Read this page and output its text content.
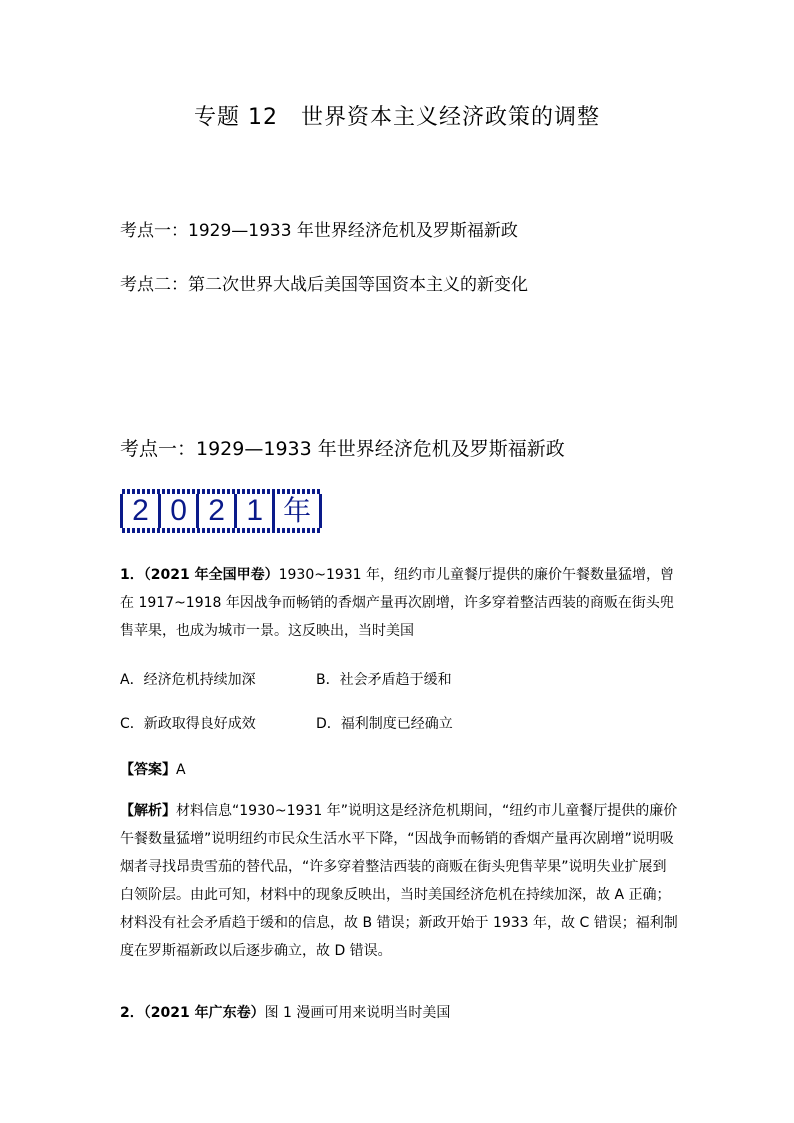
专题 12　世界资本主义经济政策的调整
考点一：1929—1933 年世界经济危机及罗斯福新政
考点二：第二次世界大战后美国等国资本主义的新变化
考点一：1929—1933 年世界经济危机及罗斯福新政
2 0 2 1 年
1．（2021 年全国甲卷）1930~1931 年，纽约市儿童餐厅提供的廉价午餐数量猛增，曾在 1917~1918 年因战争而畅销的香烟产量再次剧增，许多穿着整洁西装的商贩在街头兜售苹果，也成为城市一景。这反映出，当时美国
A．经济危机持续加深	B．社会矛盾趋于缓和
C．新政取得良好成效	D．福利制度已经确立
【答案】A
【解析】材料信息“1930~1931 年”说明这是经济危机期间，“纽约市儿童餐厅提供的廉价午餐数量猛增”说明纽约市民众生活水平下降，“因战争而畅销的香烟产量再次剧增”说明吸烟者寻找昂贵雪茄的替代品，“许多穿着整洁西装的商贩在街头兜售苹果”说明失业扩展到白领阶层。由此可知，材料中的现象反映出，当时美国经济危机在持续加深，故 A 正确；材料没有社会矛盾趋于缓和的信息，故 B 错误；新政开始于 1933 年，故 C 错误；福利制度在罗斯福新政以后逐步确立，故 D 错误。
2．（2021 年广东卷）图 1 漫画可用来说明当时美国
